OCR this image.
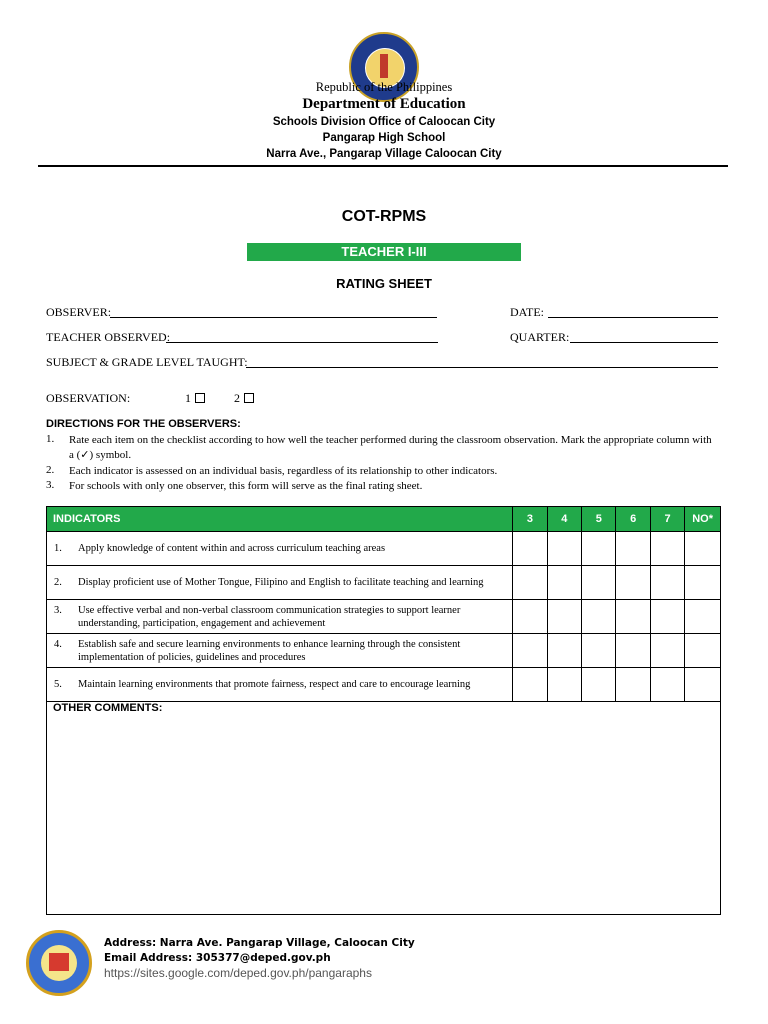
Republic of the Philippines
Department of Education
Schools Division Office of Caloocan City
Pangarap High School
Narra Ave., Pangarap Village Caloocan City
COT-RPMS
TEACHER I-III
RATING SHEET
OBSERVER:	DATE:
TEACHER OBSERVED:	QUARTER:
SUBJECT & GRADE LEVEL TAUGHT:
OBSERVATION:	1	2
DIRECTIONS FOR THE OBSERVERS:
1. Rate each item on the checklist according to how well the teacher performed during the classroom observation. Mark the appropriate column with a (✓) symbol.
2. Each indicator is assessed on an individual basis, regardless of its relationship to other indicators.
3. For schools with only one observer, this form will serve as the final rating sheet.
INDICATORS	3	4	5	6	7	NO*
1. Apply knowledge of content within and across curriculum teaching areas						
2. Display proficient use of Mother Tongue, Filipino and English to facilitate teaching and learning						
3. Use effective verbal and non-verbal classroom communication strategies to support learner understanding, participation, engagement and achievement						
4. Establish safe and secure learning environments to enhance learning through the consistent implementation of policies, guidelines and procedures						
5. Maintain learning environments that promote fairness, respect and care to encourage learning						
OTHER COMMENTS:						
Address: Narra Ave. Pangarap Village, Caloocan City
Email Address: 305377@deped.gov.ph
https://sites.google.com/deped.gov.ph/pangaraphs
